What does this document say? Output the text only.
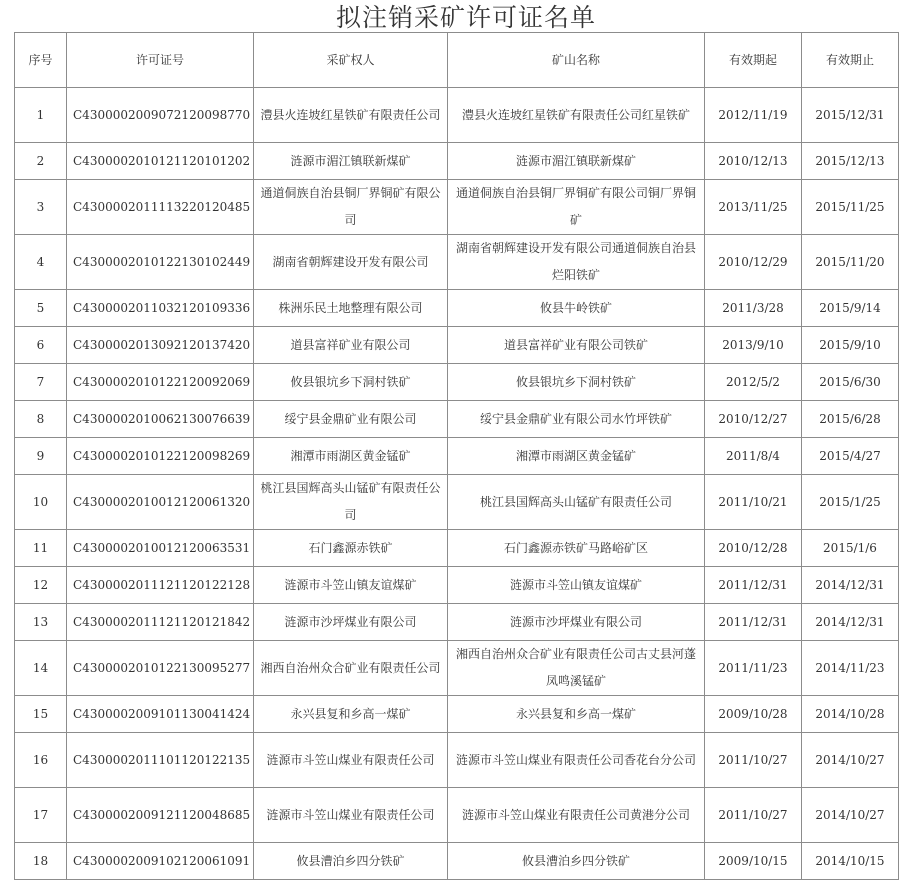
拟注销采矿许可证名单
序号	许可证号	采矿权人	矿山名称	有效期起	有效期止
1	C4300002009072120098770	澧县火连坡红星铁矿有限责任公司	澧县火连坡红星铁矿有限责任公司红星铁矿	2012/11/19	2015/12/31
2	C4300002010121120101202	涟源市湄江镇联新煤矿	涟源市湄江镇联新煤矿	2010/12/13	2015/12/13
3	C4300002011113220120485	通道侗族自治县铜厂界铜矿有限公司	通道侗族自治县铜厂界铜矿有限公司铜厂界铜矿	2013/11/25	2015/11/25
4	C4300002010122130102449	湖南省朝辉建设开发有限公司	湖南省朝辉建设开发有限公司通道侗族自治县烂阳铁矿	2010/12/29	2015/11/20
5	C4300002011032120109336	株洲乐民土地整理有限公司	攸县牛岭铁矿	2011/3/28	2015/9/14
6	C4300002013092120137420	道县富祥矿业有限公司	道县富祥矿业有限公司铁矿	2013/9/10	2015/9/10
7	C4300002010122120092069	攸县银坑乡下洞村铁矿	攸县银坑乡下洞村铁矿	2012/5/2	2015/6/30
8	C4300002010062130076639	绥宁县金鼎矿业有限公司	绥宁县金鼎矿业有限公司水竹坪铁矿	2010/12/27	2015/6/28
9	C4300002010122120098269	湘潭市雨湖区黄金锰矿	湘潭市雨湖区黄金锰矿	2011/8/4	2015/4/27
10	C4300002010012120061320	桃江县国辉高头山锰矿有限责任公司	桃江县国辉高头山锰矿有限责任公司	2011/10/21	2015/1/25
11	C4300002010012120063531	石门鑫源赤铁矿	石门鑫源赤铁矿马路峪矿区	2010/12/28	2015/1/6
12	C4300002011121120122128	涟源市斗笠山镇友谊煤矿	涟源市斗笠山镇友谊煤矿	2011/12/31	2014/12/31
13	C4300002011121120121842	涟源市沙坪煤业有限公司	涟源市沙坪煤业有限公司	2011/12/31	2014/12/31
14	C4300002010122130095277	湘西自治州众合矿业有限责任公司	湘西自治州众合矿业有限责任公司古丈县河蓬凤鸣溪锰矿	2011/11/23	2014/11/23
15	C4300002009101130041424	永兴县复和乡高一煤矿	永兴县复和乡高一煤矿	2009/10/28	2014/10/28
16	C4300002011101120122135	涟源市斗笠山煤业有限责任公司	涟源市斗笠山煤业有限责任公司香花台分公司	2011/10/27	2014/10/27
17	C4300002009121120048685	涟源市斗笠山煤业有限责任公司	涟源市斗笠山煤业有限责任公司黄港分公司	2011/10/27	2014/10/27
18	C4300002009102120061091	攸县漕泊乡四分铁矿	攸县漕泊乡四分铁矿	2009/10/15	2014/10/15
